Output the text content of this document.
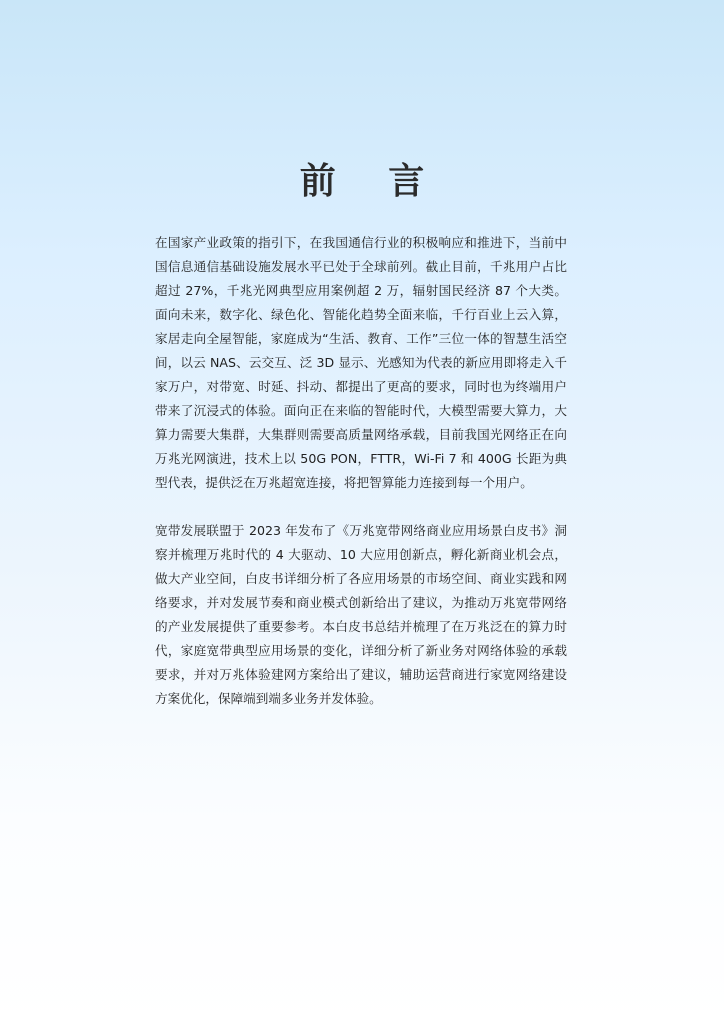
前 言

在国家产业政策的指引下，在我国通信行业的积极响应和推进下，当前中国信息通信基础设施发展水平已处于全球前列。截止目前，千兆用户占比超过 27%，千兆光网典型应用案例超 2 万，辐射国民经济 87 个大类。面向未来，数字化、绿色化、智能化趋势全面来临，千行百业上云入算，家居走向全屋智能，家庭成为“生活、教育、工作”三位一体的智慧生活空间，以云 NAS、云交互、泛 3D 显示、光感知为代表的新应用即将走入千家万户，对带宽、时延、抖动、都提出了更高的要求，同时也为终端用户带来了沉浸式的体验。面向正在来临的智能时代，大模型需要大算力，大算力需要大集群，大集群则需要高质量网络承载，目前我国光网络正在向万兆光网演进，技术上以 50G PON，FTTR，Wi-Fi 7 和 400G 长距为典型代表，提供泛在万兆超宽连接，将把智算能力连接到每一个用户。

宽带发展联盟于 2023 年发布了《万兆宽带网络商业应用场景白皮书》洞察并梳理万兆时代的 4 大驱动、10 大应用创新点，孵化新商业机会点，做大产业空间，白皮书详细分析了各应用场景的市场空间、商业实践和网络要求，并对发展节奏和商业模式创新给出了建议，为推动万兆宽带网络的产业发展提供了重要参考。本白皮书总结并梳理了在万兆泛在的算力时代，家庭宽带典型应用场景的变化，详细分析了新业务对网络体验的承载要求，并对万兆体验建网方案给出了建议，辅助运营商进行家宽网络建设方案优化，保障端到端多业务并发体验。
